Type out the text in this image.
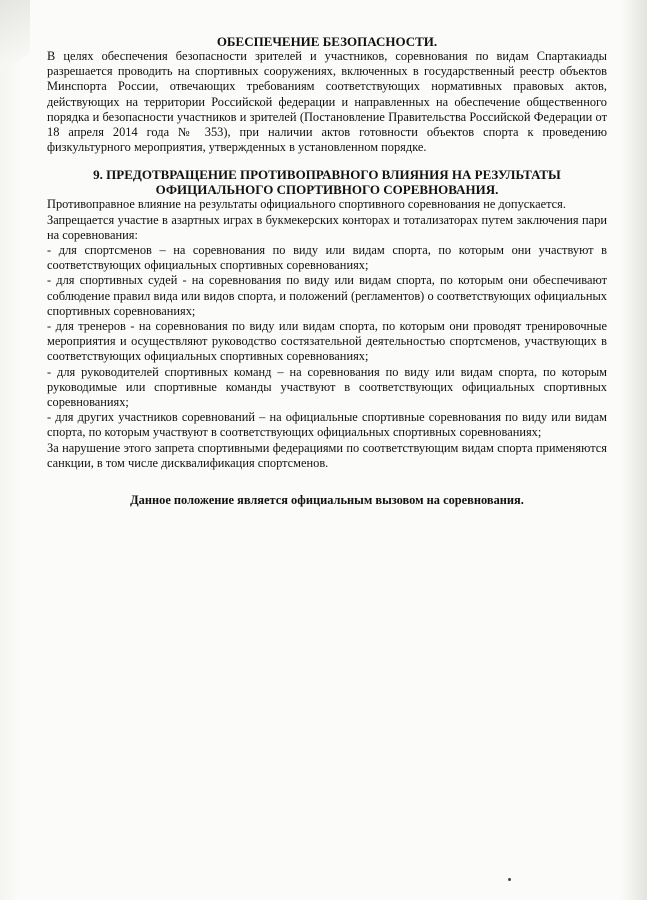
ОБЕСПЕЧЕНИЕ БЕЗОПАСНОСТИ.

В целях обеспечения безопасности зрителей и участников, соревнования по видам Спартакиады разрешается проводить на спортивных сооружениях, включенных в государственный реестр объектов Минспорта России, отвечающих требованиям соответствующих нормативных правовых актов, действующих на территории Российской федерации и направленных на обеспечение общественного порядка и безопасности участников и зрителей (Постановление Правительства Российской Федерации от 18 апреля 2014 года № 353), при наличии актов готовности объектов спорта к проведению физкультурного мероприятия, утвержденных в установленном порядке.

9. ПРЕДОТВРАЩЕНИЕ ПРОТИВОПРАВНОГО ВЛИЯНИЯ НА РЕЗУЛЬТАТЫ
ОФИЦИАЛЬНОГО СПОРТИВНОГО СОРЕВНОВАНИЯ.

Противоправное влияние на результаты официального спортивного соревнования не допускается.

Запрещается участие в азартных играх в букмекерских конторах и тотализаторах путем заключения пари на соревнования:

- для спортсменов – на соревнования по виду или видам спорта, по которым они участвуют в соответствующих официальных спортивных соревнованиях;

- для спортивных судей - на соревнования по виду или видам спорта, по которым они обеспечивают соблюдение правил вида или видов спорта, и положений (регламентов) о соответствующих официальных спортивных соревнованиях;

- для тренеров - на соревнования по виду или видам спорта, по которым они проводят тренировочные мероприятия и осуществляют руководство состязательной деятельностью спортсменов, участвующих в соответствующих официальных спортивных соревнованиях;

- для руководителей спортивных команд – на соревнования по виду или видам спорта, по которым руководимые или спортивные команды участвуют в соответствующих официальных спортивных соревнованиях;

- для других участников соревнований – на официальные спортивные соревнования по виду или видам спорта, по которым участвуют в соответствующих официальных спортивных соревнованиях;

За нарушение этого запрета спортивными федерациями по соответствующим видам спорта применяются санкции, в том числе дисквалификация спортсменов.

Данное положение является официальным вызовом на соревнования.
